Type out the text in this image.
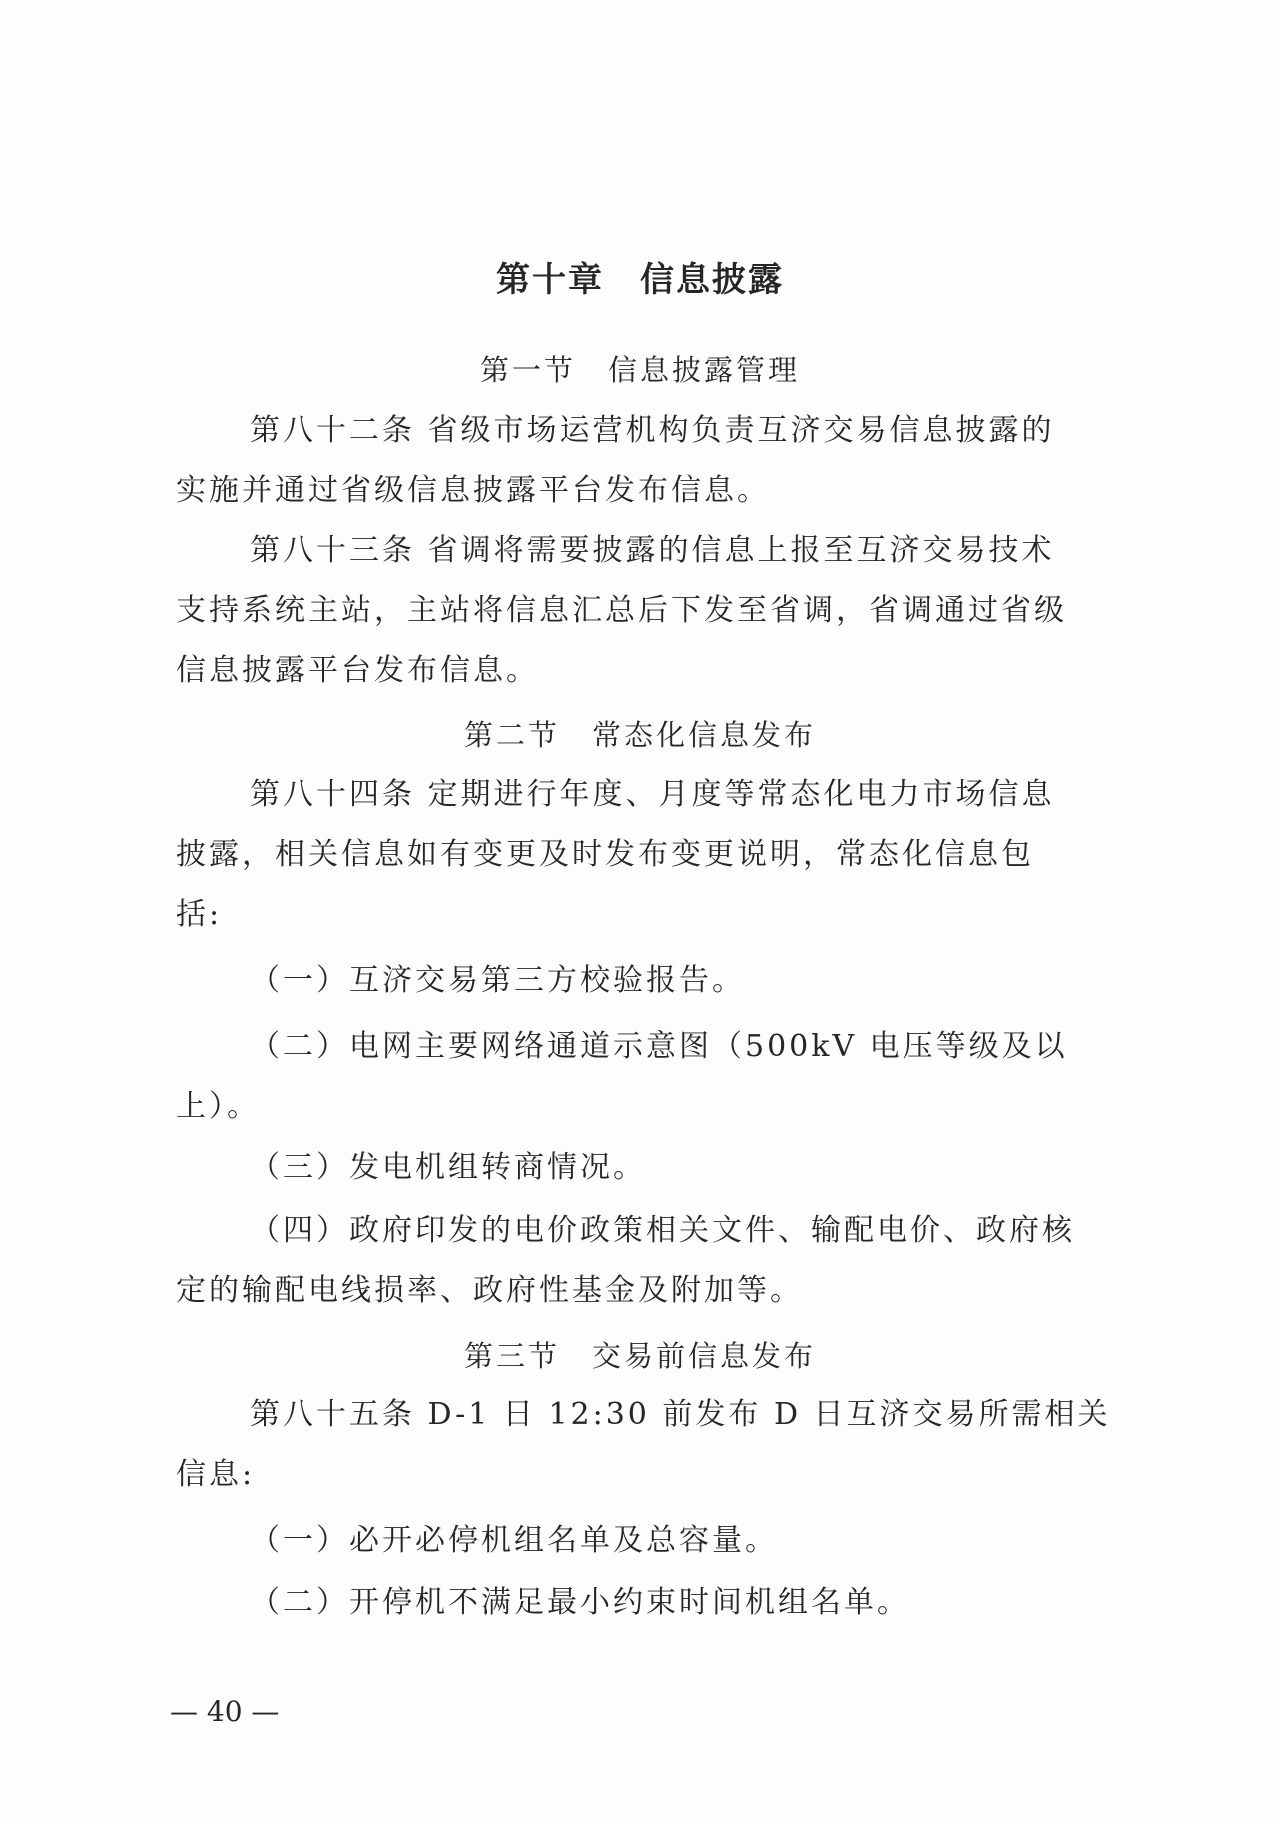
第十章　信息披露
第一节　信息披露管理
第八十二条 省级市场运营机构负责互济交易信息披露的
实施并通过省级信息披露平台发布信息。
第八十三条 省调将需要披露的信息上报至互济交易技术
支持系统主站，主站将信息汇总后下发至省调，省调通过省级
信息披露平台发布信息。
第二节　常态化信息发布
第八十四条 定期进行年度、月度等常态化电力市场信息
披露，相关信息如有变更及时发布变更说明，常态化信息包
括:
（一）互济交易第三方校验报告。
（二）电网主要网络通道示意图（500kV 电压等级及以
上）。
（三）发电机组转商情况。
（四）政府印发的电价政策相关文件、输配电价、政府核
定的输配电线损率、政府性基金及附加等。
第三节　交易前信息发布
第八十五条 D-1 日 12:30 前发布 D 日互济交易所需相关
信息:
（一）必开必停机组名单及总容量。
（二）开停机不满足最小约束时间机组名单。
— 40 —
